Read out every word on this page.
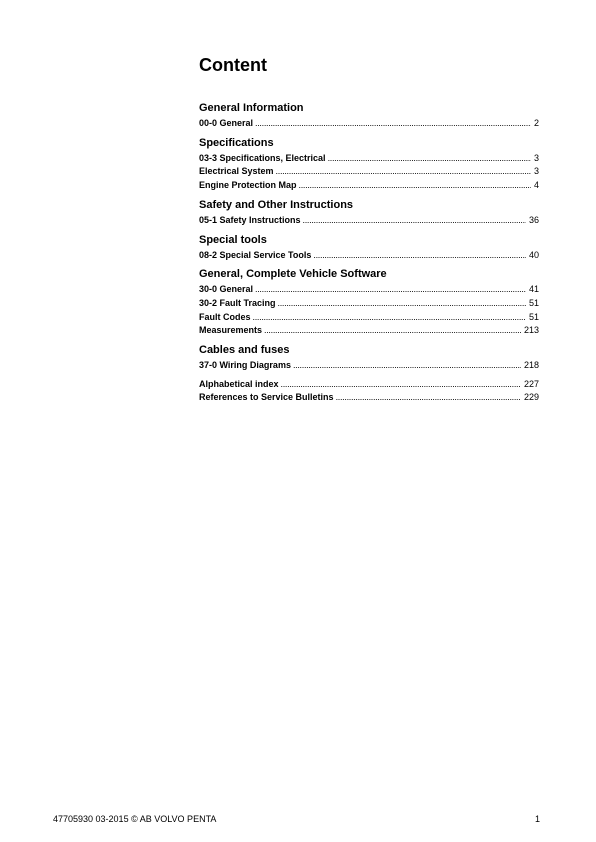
Content
General Information
00-0 General . . .	2
Specifications
03-3 Specifications, Electrical . . .	3
Electrical System . . .	3
Engine Protection Map . . .	4
Safety and Other Instructions
05-1 Safety Instructions . . .	36
Special tools
08-2 Special Service Tools . . .	40
General, Complete Vehicle Software
30-0 General . . .	41
30-2 Fault Tracing . . .	51
Fault Codes . . .	51
Measurements . . .	213
Cables and fuses
37-0 Wiring Diagrams . . .	218
Alphabetical index . . .	227
References to Service Bulletins . . .	229
47705930 03-2015 © AB VOLVO PENTA	1
